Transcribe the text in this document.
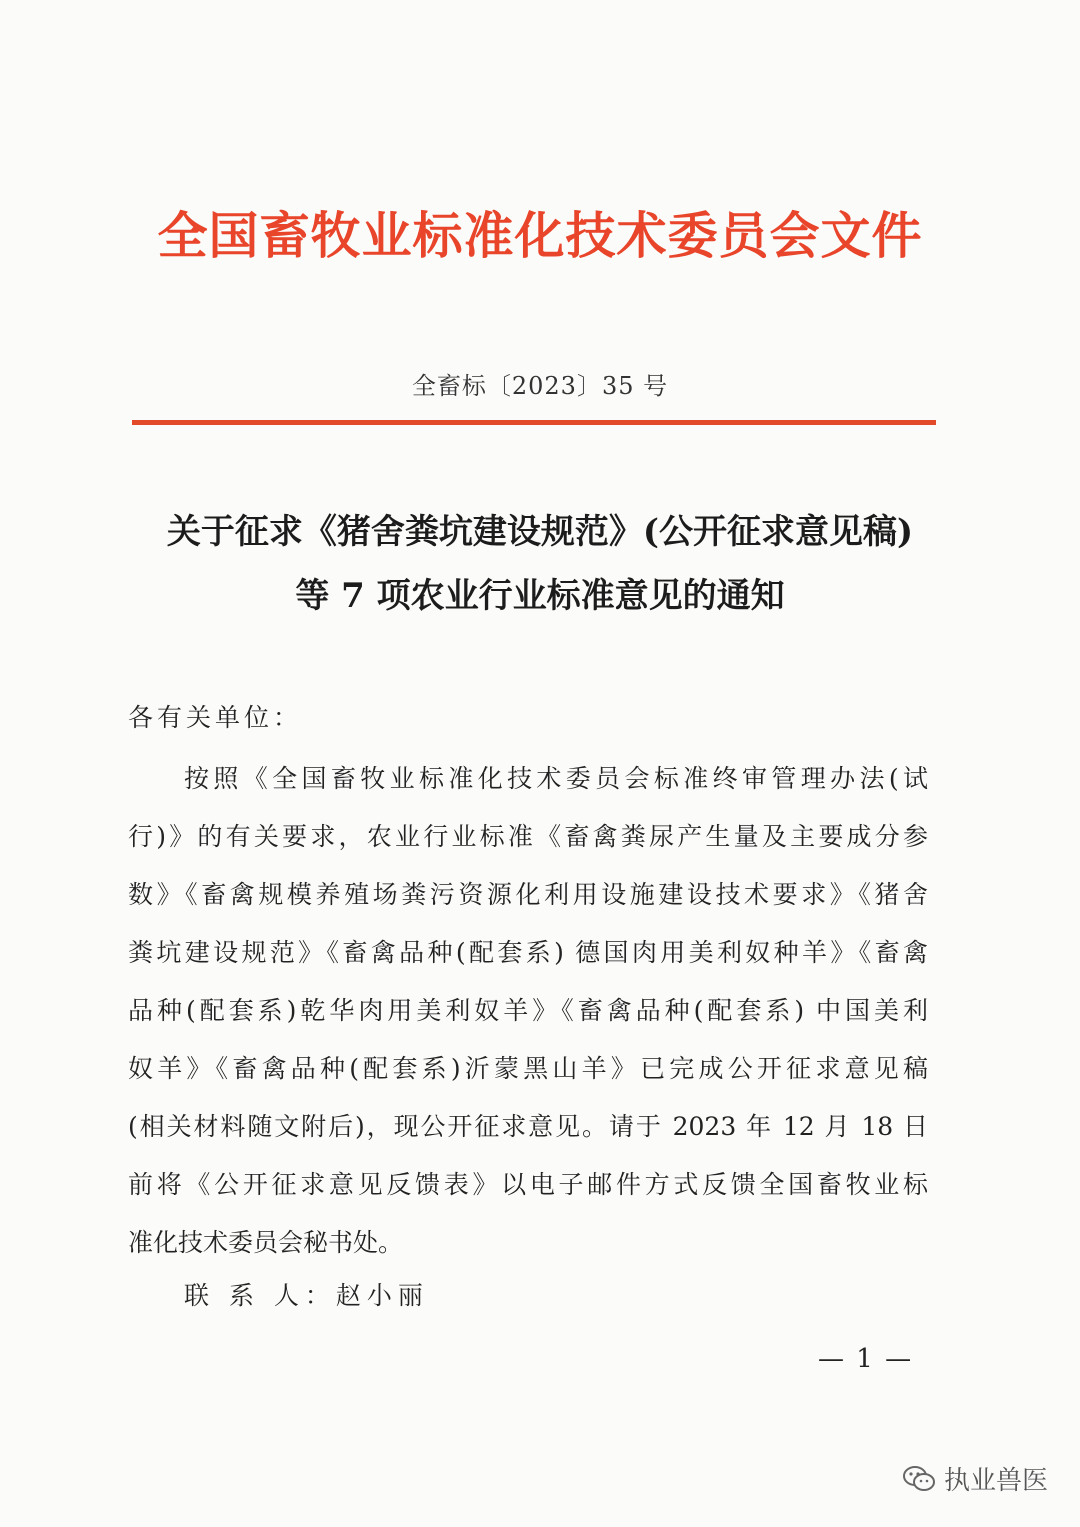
全国畜牧业标准化技术委员会文件
全畜标〔2023〕35 号
关于征求《猪舍粪坑建设规范》(公开征求意见稿)
等 7 项农业行业标准意见的通知
各有关单位：
按照《全国畜牧业标准化技术委员会标准终审管理办法(试
行)》的有关要求，农业行业标准《畜禽粪尿产生量及主要成分参
数》《畜禽规模养殖场粪污资源化利用设施建设技术要求》《猪舍
粪坑建设规范》《畜禽品种(配套系) 德国肉用美利奴种羊》《畜禽
品种(配套系)乾华肉用美利奴羊》《畜禽品种(配套系) 中国美利
奴羊》《畜禽品种(配套系)沂蒙黑山羊》已完成公开征求意见稿
(相关材料随文附后)，现公开征求意见。请于 2023 年 12 月 18 日
前将《公开征求意见反馈表》以电子邮件方式反馈全国畜牧业标
准化技术委员会秘书处。
联 系 人：赵小丽
— 1 —
执业兽医
